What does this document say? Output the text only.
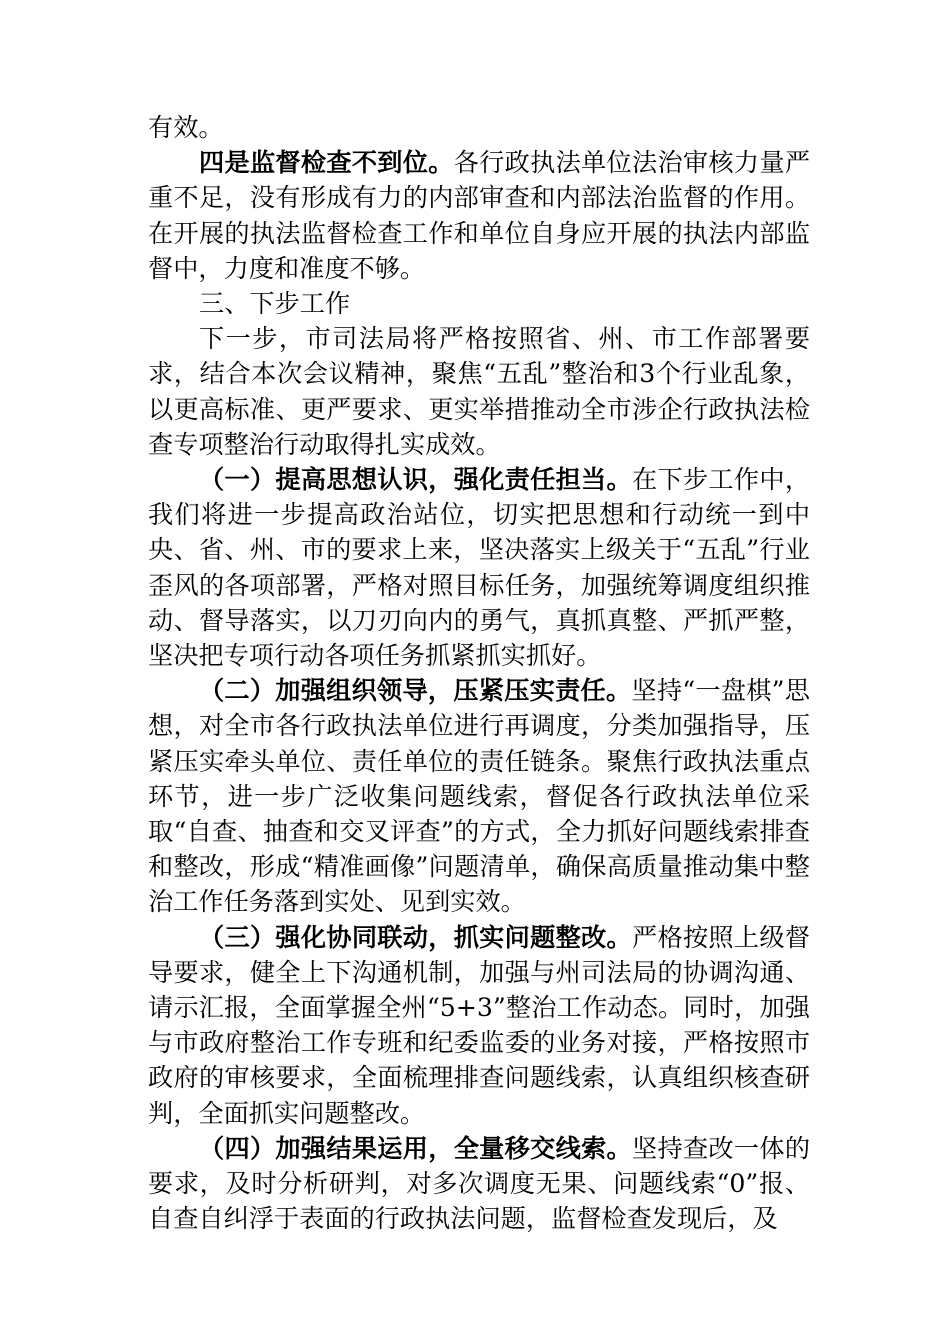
有效。

四是监督检查不到位。各行政执法单位法治审核力量严重不足，没有形成有力的内部审查和内部法治监督的作用。在开展的执法监督检查工作和单位自身应开展的执法内部监督中，力度和准度不够。

三、下步工作

下一步，市司法局将严格按照省、州、市工作部署要求，结合本次会议精神，聚焦“五乱”整治和3个行业乱象，以更高标准、更严要求、更实举措推动全市涉企行政执法检查专项整治行动取得扎实成效。

（一）提高思想认识，强化责任担当。在下步工作中，我们将进一步提高政治站位，切实把思想和行动统一到中央、省、州、市的要求上来，坚决落实上级关于“五乱”行业歪风的各项部署，严格对照目标任务，加强统筹调度组织推动、督导落实，以刀刃向内的勇气，真抓真整、严抓严整，坚决把专项行动各项任务抓紧抓实抓好。

（二）加强组织领导，压紧压实责任。坚持“一盘棋”思想，对全市各行政执法单位进行再调度，分类加强指导，压紧压实牵头单位、责任单位的责任链条。聚焦行政执法重点环节，进一步广泛收集问题线索，督促各行政执法单位采取“自查、抽查和交叉评查”的方式，全力抓好问题线索排查和整改，形成“精准画像”问题清单，确保高质量推动集中整治工作任务落到实处、见到实效。

（三）强化协同联动，抓实问题整改。严格按照上级督导要求，健全上下沟通机制，加强与州司法局的协调沟通、请示汇报，全面掌握全州“5+3”整治工作动态。同时，加强与市政府整治工作专班和纪委监委的业务对接，严格按照市政府的审核要求，全面梳理排查问题线索，认真组织核查研判，全面抓实问题整改。

（四）加强结果运用，全量移交线索。坚持查改一体的要求，及时分析研判，对多次调度无果、问题线索“0”报、自查自纠浮于表面的行政执法问题，监督检查发现后，及
